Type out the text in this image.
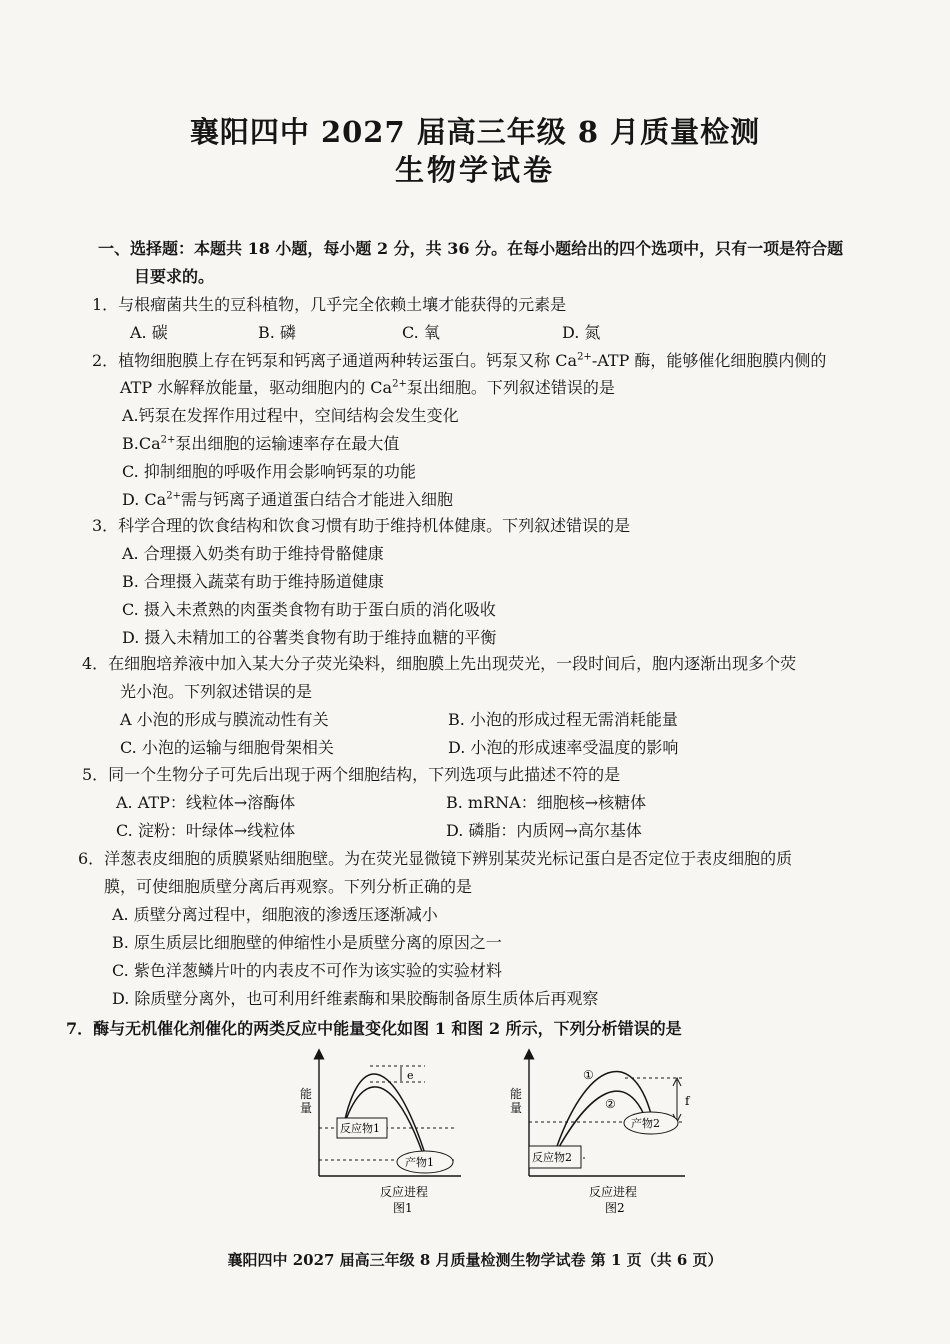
襄阳四中 2027 届高三年级 8 月质量检测
生物学试卷
一、选择题：本题共 18 小题，每小题 2 分，共 36 分。在每小题给出的四个选项中，只有一项是符合题
目要求的。
1．与根瘤菌共生的豆科植物，几乎完全依赖土壤才能获得的元素是
A. 碳	B. 磷	C. 氧	D. 氮
2．植物细胞膜上存在钙泵和钙离子通道两种转运蛋白。钙泵又称 $Ca^{2+}$-ATP 酶，能够催化细胞膜内侧的
ATP 水解释放能量，驱动细胞内的 $Ca^{2+}$泵出细胞。下列叙述错误的是
A.钙泵在发挥作用过程中，空间结构会发生变化
$B.Ca^{2+}$泵出细胞的运输速率存在最大值
C. 抑制细胞的呼吸作用会影响钙泵的功能
D. $Ca^{2+}$需与钙离子通道蛋白结合才能进入细胞
3．科学合理的饮食结构和饮食习惯有助于维持机体健康。下列叙述错误的是
A. 合理摄入奶类有助于维持骨骼健康
B. 合理摄入蔬菜有助于维持肠道健康
C. 摄入未煮熟的肉蛋类食物有助于蛋白质的消化吸收
D. 摄入未精加工的谷薯类食物有助于维持血糖的平衡
4．在细胞培养液中加入某大分子荧光染料，细胞膜上先出现荧光，一段时间后，胞内逐渐出现多个荧
光小泡。下列叙述错误的是
A 小泡的形成与膜流动性有关	B. 小泡的形成过程无需消耗能量
C. 小泡的运输与细胞骨架相关	D. 小泡的形成速率受温度的影响
5．同一个生物分子可先后出现于两个细胞结构，下列选项与此描述不符的是
A. ATP：线粒体→溶酶体	B. mRNA：细胞核→核糖体
C. 淀粉：叶绿体→线粒体	D. 磷脂：内质网→高尔基体
6．洋葱表皮细胞的质膜紧贴细胞壁。为在荧光显微镜下辨别某荧光标记蛋白是否定位于表皮细胞的质
膜，可使细胞质壁分离后再观察。下列分析正确的是
A. 质壁分离过程中，细胞液的渗透压逐渐减小
B. 原生质层比细胞壁的伸缩性小是质壁分离的原因之一
C. 紫色洋葱鳞片叶的内表皮不可作为该实验的实验材料
D. 除质壁分离外，也可利用纤维素酶和果胶酶制备原生质体后再观察
7．酶与无机催化剂催化的两类反应中能量变化如图 1 和图 2 所示，下列分析错误的是
能
量
e
反应物1
产物1
反应进程
图1
能
量
①
②	f
产物2
反应物2
反应进程
图2
襄阳四中 2027 届高三年级 8 月质量检测生物学试卷 第 1 页（共 6 页）
